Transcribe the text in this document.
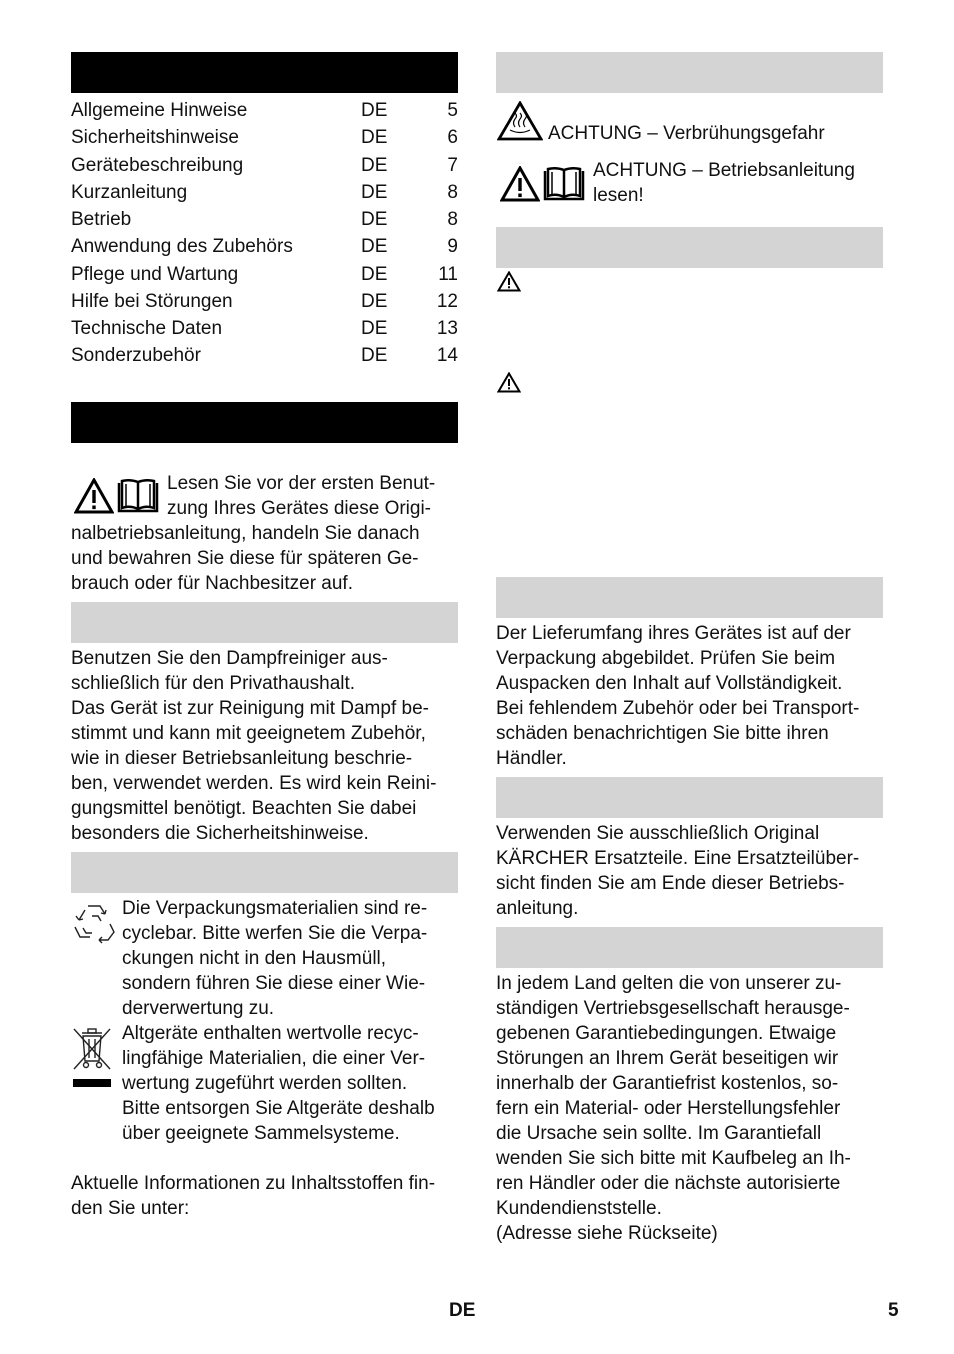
Allgemeine Hinweise	DE	5
Sicherheitshinweise	DE	6
Gerätebeschreibung	DE	7
Kurzanleitung	DE	8
Betrieb	DE	8
Anwendung des Zubehörs	DE	9
Pflege und Wartung	DE	11
Hilfe bei Störungen	DE	12
Technische Daten	DE	13
Sonderzubehör	DE	14
Lesen Sie vor der ersten Benut-
zung Ihres Gerätes diese Origi-
nalbetriebsanleitung, handeln Sie danach
und bewahren Sie diese für späteren Ge-
brauch oder für Nachbesitzer auf.
Benutzen Sie den Dampfreiniger aus-
schließlich für den Privathaushalt.
Das Gerät ist zur Reinigung mit Dampf be-
stimmt und kann mit geeignetem Zubehör,
wie in dieser Betriebsanleitung beschrie-
ben, verwendet werden. Es wird kein Reini-
gungsmittel benötigt. Beachten Sie dabei
besonders die Sicherheitshinweise.
Die Verpackungsmaterialien sind re-
cyclebar. Bitte werfen Sie die Verpa-
ckungen nicht in den Hausmüll,
sondern führen Sie diese einer Wie-
derverwertung zu.
Altgeräte enthalten wertvolle recyc-
lingfähige Materialien, die einer Ver-
wertung zugeführt werden sollten.
Bitte entsorgen Sie Altgeräte deshalb
über geeignete Sammelsysteme.
Aktuelle Informationen zu Inhaltsstoffen fin-
den Sie unter:
ACHTUNG – Verbrühungsgefahr
ACHTUNG – Betriebsanleitung
lesen!
Der Lieferumfang ihres Gerätes ist auf der
Verpackung abgebildet. Prüfen Sie beim
Auspacken den Inhalt auf Vollständigkeit.
Bei fehlendem Zubehör oder bei Transport-
schäden benachrichtigen Sie bitte ihren
Händler.
Verwenden Sie ausschließlich Original
KÄRCHER Ersatzteile. Eine Ersatzteilüber-
sicht finden Sie am Ende dieser Betriebs-
anleitung.
In jedem Land gelten die von unserer zu-
ständigen Vertriebsgesellschaft herausge-
gebenen Garantiebedingungen. Etwaige
Störungen an Ihrem Gerät beseitigen wir
innerhalb der Garantiefrist kostenlos, so-
fern ein Material- oder Herstellungsfehler
die Ursache sein sollte. Im Garantiefall
wenden Sie sich bitte mit Kaufbeleg an Ih-
ren Händler oder die nächste autorisierte
Kundendienststelle.
(Adresse siehe Rückseite)
DE	5
